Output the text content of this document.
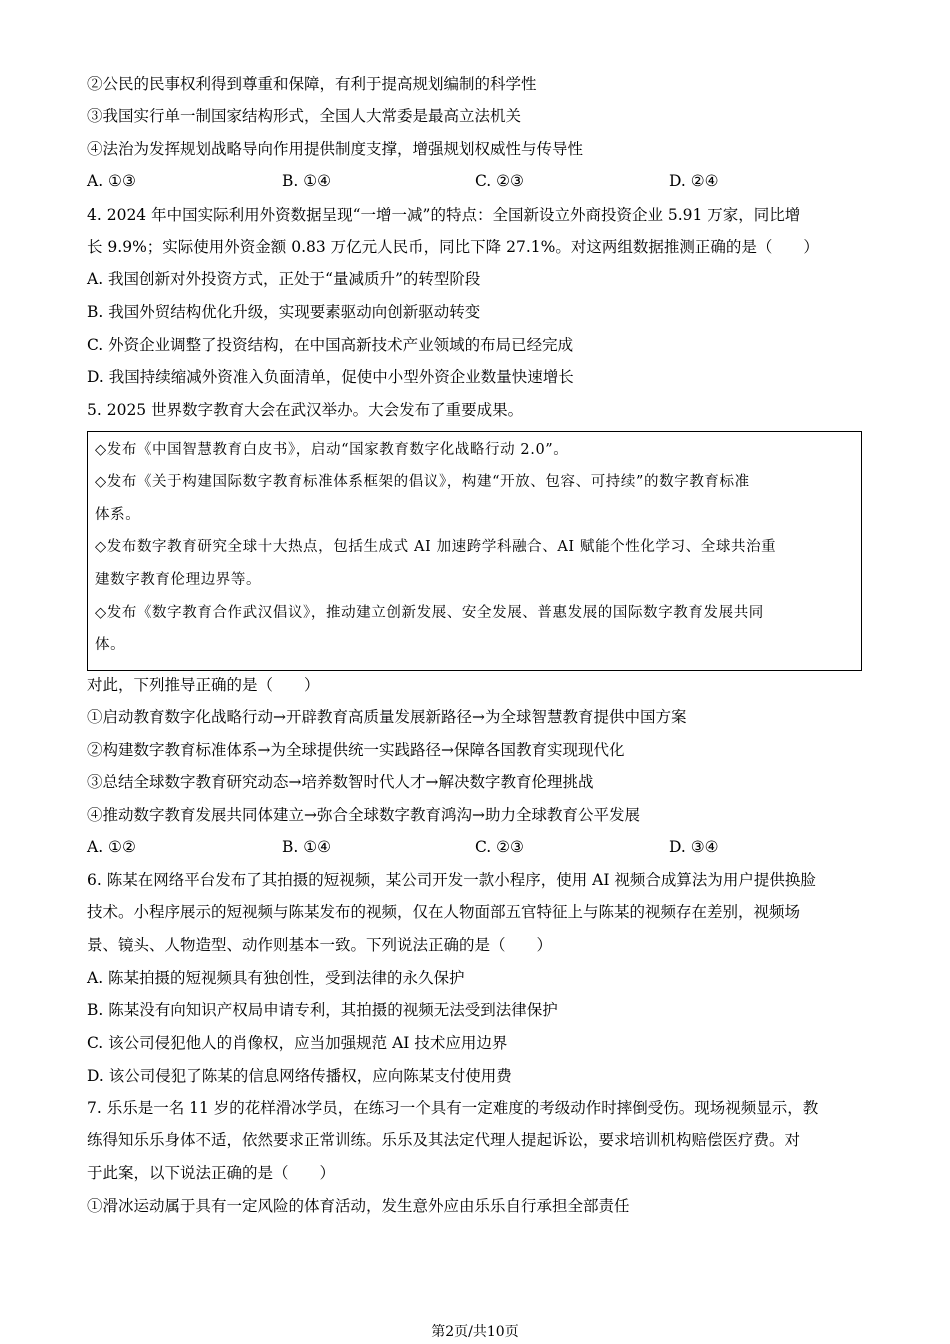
②公民的民事权利得到尊重和保障，有利于提高规划编制的科学性
③我国实行单一制国家结构形式，全国人大常委是最高立法机关
④法治为发挥规划战略导向作用提供制度支撑，增强规划权威性与传导性
A. ①③	B. ①④	C. ②③	D. ②④
4. 2024 年中国实际利用外资数据呈现“一增一减”的特点：全国新设立外商投资企业 5.91 万家，同比增
长 9.9%；实际使用外资金额 0.83 万亿元人民币，同比下降 27.1%。对这两组数据推测正确的是（　　）
A. 我国创新对外投资方式，正处于“量减质升”的转型阶段
B. 我国外贸结构优化升级，实现要素驱动向创新驱动转变
C. 外资企业调整了投资结构，在中国高新技术产业领域的布局已经完成
D. 我国持续缩减外资准入负面清单，促使中小型外资企业数量快速增长
5. 2025 世界数字教育大会在武汉举办。大会发布了重要成果。
◇发布《中国智慧教育白皮书》，启动“国家教育数字化战略行动 2.0”。
◇发布《关于构建国际数字教育标准体系框架的倡议》，构建“开放、包容、可持续”的数字教育标准
体系。
◇发布数字教育研究全球十大热点，包括生成式 AI 加速跨学科融合、AI 赋能个性化学习、全球共治重
建数字教育伦理边界等。
◇发布《数字教育合作武汉倡议》，推动建立创新发展、安全发展、普惠发展的国际数字教育发展共同
体。
对此，下列推导正确的是（　　）
①启动教育数字化战略行动→开辟教育高质量发展新路径→为全球智慧教育提供中国方案
②构建数字教育标准体系→为全球提供统一实践路径→保障各国教育实现现代化
③总结全球数字教育研究动态→培养数智时代人才→解决数字教育伦理挑战
④推动数字教育发展共同体建立→弥合全球数字教育鸿沟→助力全球教育公平发展
A. ①②	B. ①④	C. ②③	D. ③④
6. 陈某在网络平台发布了其拍摄的短视频，某公司开发一款小程序，使用 AI 视频合成算法为用户提供换脸
技术。小程序展示的短视频与陈某发布的视频，仅在人物面部五官特征上与陈某的视频存在差别，视频场
景、镜头、人物造型、动作则基本一致。下列说法正确的是（　　）
A. 陈某拍摄的短视频具有独创性，受到法律的永久保护
B. 陈某没有向知识产权局申请专利，其拍摄的视频无法受到法律保护
C. 该公司侵犯他人的肖像权，应当加强规范 AI 技术应用边界
D. 该公司侵犯了陈某的信息网络传播权，应向陈某支付使用费
7. 乐乐是一名 11 岁的花样滑冰学员，在练习一个具有一定难度的考级动作时摔倒受伤。现场视频显示，教
练得知乐乐身体不适，依然要求正常训练。乐乐及其法定代理人提起诉讼，要求培训机构赔偿医疗费。对
于此案，以下说法正确的是（　　）
①滑冰运动属于具有一定风险的体育活动，发生意外应由乐乐自行承担全部责任
第2页/共10页
